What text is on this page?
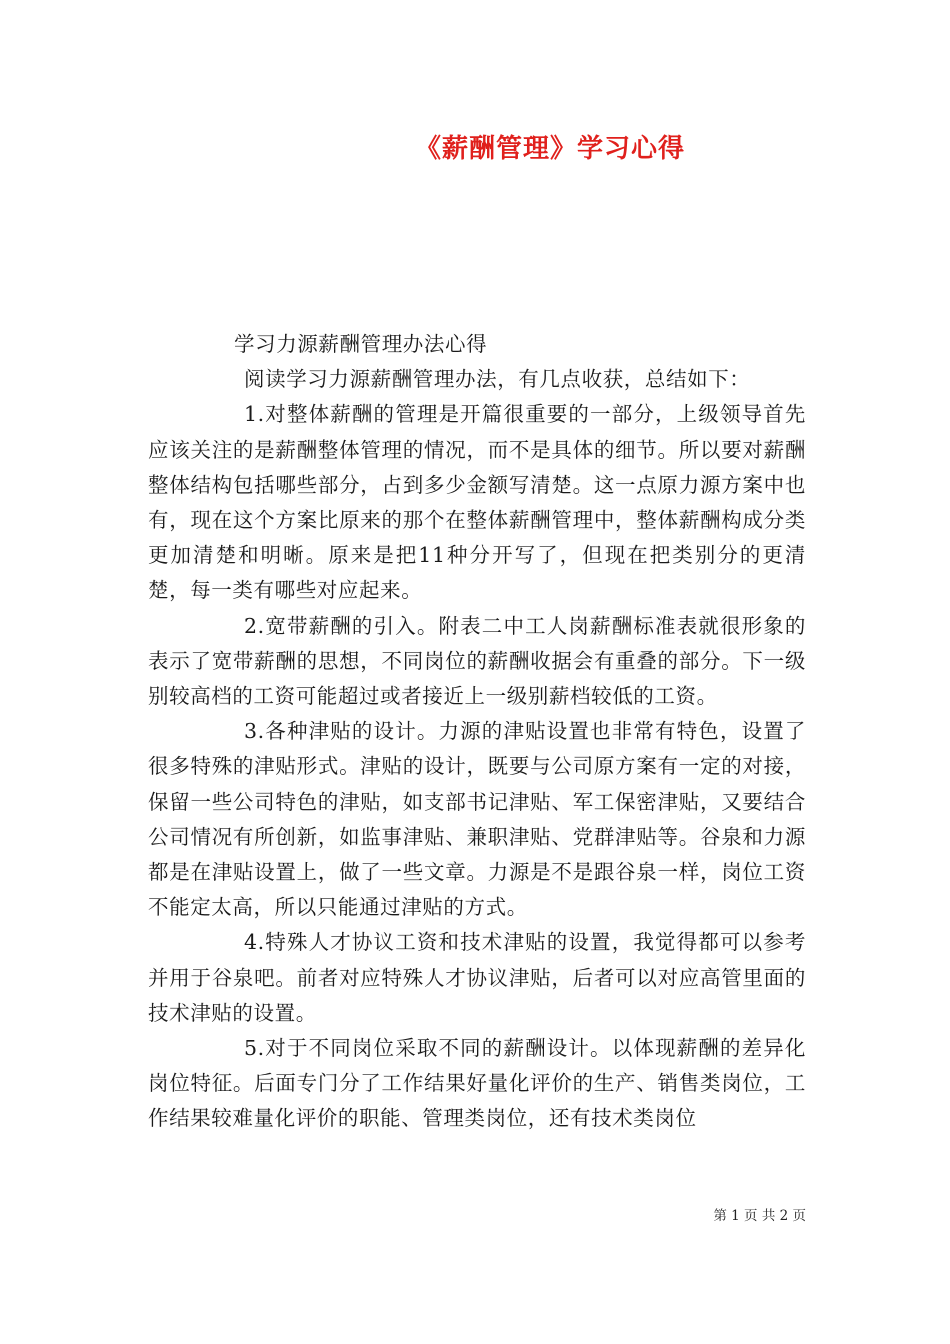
《薪酬管理》学习心得

学习力源薪酬管理办法心得

阅读学习力源薪酬管理办法，有几点收获，总结如下：

1.对整体薪酬的管理是开篇很重要的一部分，上级领导首先应该关注的是薪酬整体管理的情况，而不是具体的细节。所以要对薪酬整体结构包括哪些部分，占到多少金额写清楚。这一点原力源方案中也有，现在这个方案比原来的那个在整体薪酬管理中，整体薪酬构成分类更加清楚和明晰。原来是把11种分开写了，但现在把类别分的更清楚，每一类有哪些对应起来。

2.宽带薪酬的引入。附表二中工人岗薪酬标准表就很形象的表示了宽带薪酬的思想，不同岗位的薪酬收据会有重叠的部分。下一级别较高档的工资可能超过或者接近上一级别薪档较低的工资。

3.各种津贴的设计。力源的津贴设置也非常有特色，设置了很多特殊的津贴形式。津贴的设计，既要与公司原方案有一定的对接，保留一些公司特色的津贴，如支部书记津贴、军工保密津贴，又要结合公司情况有所创新，如监事津贴、兼职津贴、党群津贴等。谷泉和力源都是在津贴设置上，做了一些文章。力源是不是跟谷泉一样，岗位工资不能定太高，所以只能通过津贴的方式。

4.特殊人才协议工资和技术津贴的设置，我觉得都可以参考并用于谷泉吧。前者对应特殊人才协议津贴，后者可以对应高管里面的技术津贴的设置。

5.对于不同岗位采取不同的薪酬设计。以体现薪酬的差异化岗位特征。后面专门分了工作结果好量化评价的生产、销售类岗位，工作结果较难量化评价的职能、管理类岗位，还有技术类岗位

第 1 页 共 2 页
